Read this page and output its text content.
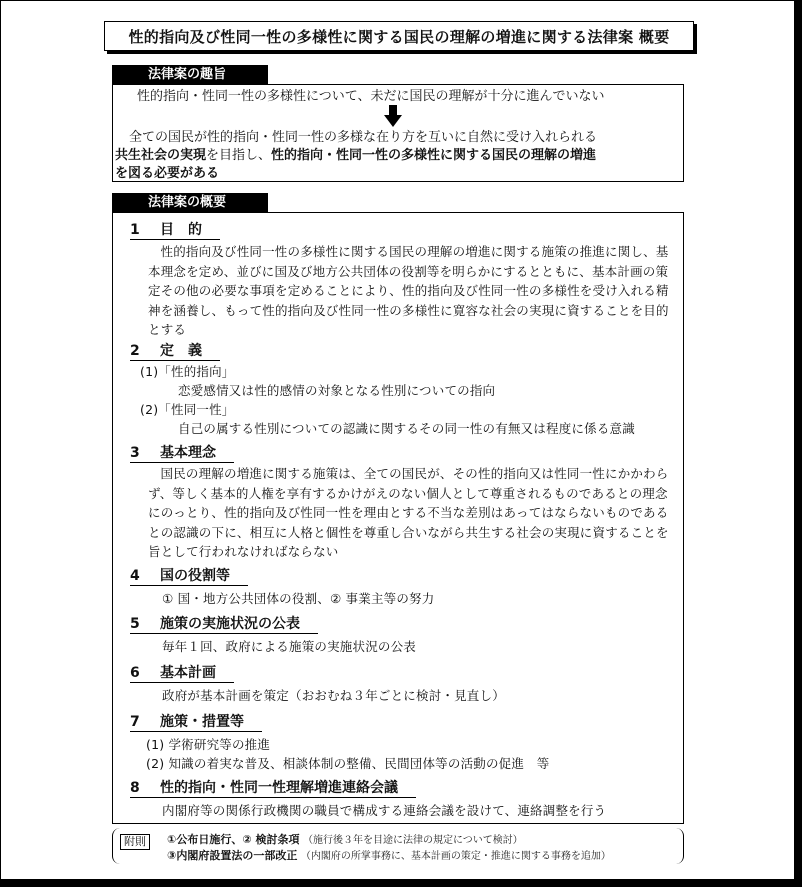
性的指向及び性同一性の多様性に関する国民の理解の増進に関する法律案 概要
法律案の趣旨

性的指向・性同一性の多様性について、未だに国民の理解が十分に進んでいない

全ての国民が性的指向・性同一性の多様な在り方を互いに自然に受け入れられる

共生社会の実現を目指し、性的指向・性同一性の多様性に関する国民の理解の増進

を図る必要がある

法律案の概要
1 目　的
性的指向及び性同一性の多様性に関する国民の理解の増進に関する施策の推進に関し、基本理念を定め、並びに国及び地方公共団体の役割等を明らかにするとともに、基本計画の策定その他の必要な事項を定めることにより、性的指向及び性同一性の多様性を受け入れる精神を涵養し、もって性的指向及び性同一性の多様性に寛容な社会の実現に資することを目的とする
2 定　義
(1)「性的指向」
恋愛感情又は性的感情の対象となる性別についての指向
(2)「性同一性」
自己の属する性別についての認識に関するその同一性の有無又は程度に係る意識
3 基本理念
国民の理解の増進に関する施策は、全ての国民が、その性的指向又は性同一性にかかわらず、等しく基本的人権を享有するかけがえのない個人として尊重されるものであるとの理念にのっとり、性的指向及び性同一性を理由とする不当な差別はあってはならないものであるとの認識の下に、相互に人格と個性を尊重し合いながら共生する社会の実現に資することを旨として行われなければならない
4 国の役割等
① 国・地方公共団体の役割、② 事業主等の努力
5 施策の実施状況の公表
毎年１回、政府による施策の実施状況の公表
6 基本計画
政府が基本計画を策定（おおむね３年ごとに検討・見直し）
7 施策・措置等
(1) 学術研究等の推進
(2) 知識の着実な普及、相談体制の整備、民間団体等の活動の促進　等
8 性的指向・性同一性理解増進連絡会議
内閣府等の関係行政機関の職員で構成する連絡会議を設けて、連絡調整を行う
附則	①公布日施行、② 検討条項 （施行後３年を目途に法律の規定について検討）
③内閣府設置法の一部改正 （内閣府の所掌事務に、基本計画の策定・推進に関する事務を追加）
